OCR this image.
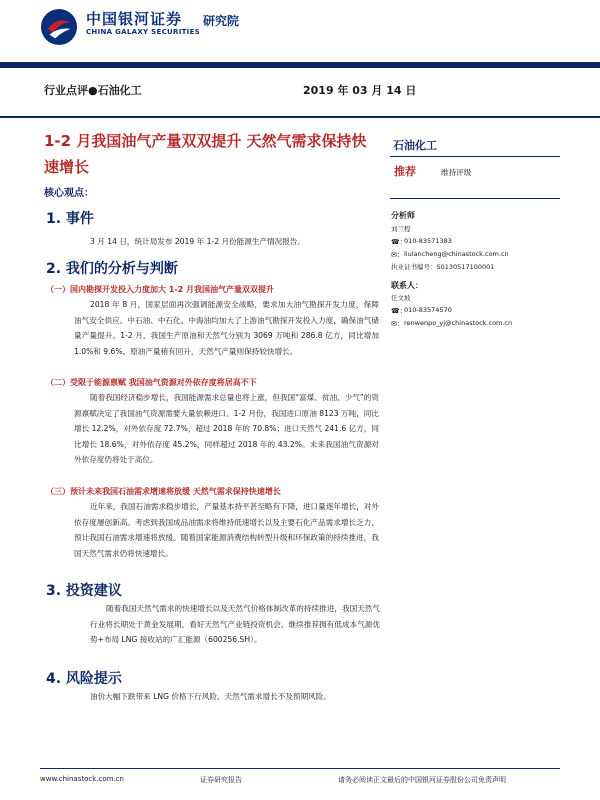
中国银河证券
CHINA GALAXY SECURITIES
研究院
行业点评●石油化工	2019 年 03 月 14 日
1-2 月我国油气产量双双提升 天然气需求保持快速增长
核心观点：
1. 事件
3 月 14 日，统计局发布 2019 年 1-2 月份能源生产情况报告。
2. 我们的分析与判断
（一）国内勘探开发投入力度加大 1-2 月我国油气产量双双提升
2018 年 8 月，国家层面再次强调能源安全战略，要求加大油气勘探开发力度，保障油气安全供应。中石油、中石化、中海油均加大了上游油气勘探开发投入力度，确保油气储量产量提升。1-2 月，我国生产原油和天然气分别为 3069 万吨和 286.8 亿方，同比增加 1.0%和 9.6%。原油产量稍有回升，天然气产量则保持较快增长。
（二）受限于能源禀赋 我国油气资源对外依存度将居高不下
随着我国经济稳步增长，我国能源需求总量也将上涨，但我国“富煤、贫油、少气”的资源禀赋决定了我国油气资源需要大量依赖进口。1-2 月份，我国进口原油 8123 万吨，同比增长 12.2%，对外依存度 72.7%，超过 2018 年的 70.8%；进口天然气 241.6 亿方，同比增长 18.6%，对外依存度 45.2%，同样超过 2018 年的 43.2%。未来我国油气资源对外依存度仍将处于高位。
（三）预计未来我国石油需求增速将放缓 天然气需求保持快速增长
近年来，我国石油需求稳步增长，产量基本持平甚至略有下降，进口量逐年增长，对外依存度屡创新高。考虑到我国成品油需求将维持低速增长以及主要石化产品需求增长乏力，预计我国石油需求增速将放缓。随着国家能源消费结构转型升级和环保政策的持续推进，我国天然气需求仍将快速增长。
3. 投资建议
随着我国天然气需求的快速增长以及天然气价格体制改革的持续推进，我国天然气行业将长期处于黄金发展期，看好天然气产业链投资机会。继续推荐拥有低成本气源优势+布局 LNG 接收站的广汇能源（600256.SH）。
4. 风险提示
油价大幅下跌带来 LNG 价格下行风险、天然气需求增长不及预期风险。
石油化工
推荐	维持评级
分析师
刘兰程
☎：
010-83571383
✉： liulancheng@chinastock.com.cn
执业证书编号：S0130517100001
联系人：
任文坡
☎：
010-83574570
✉： renwenpo_yj@chinastock.com.cn
www.chinastock.com.cn	证券研究报告	请务必阅读正文最后的中国银河证券股份公司免责声明
